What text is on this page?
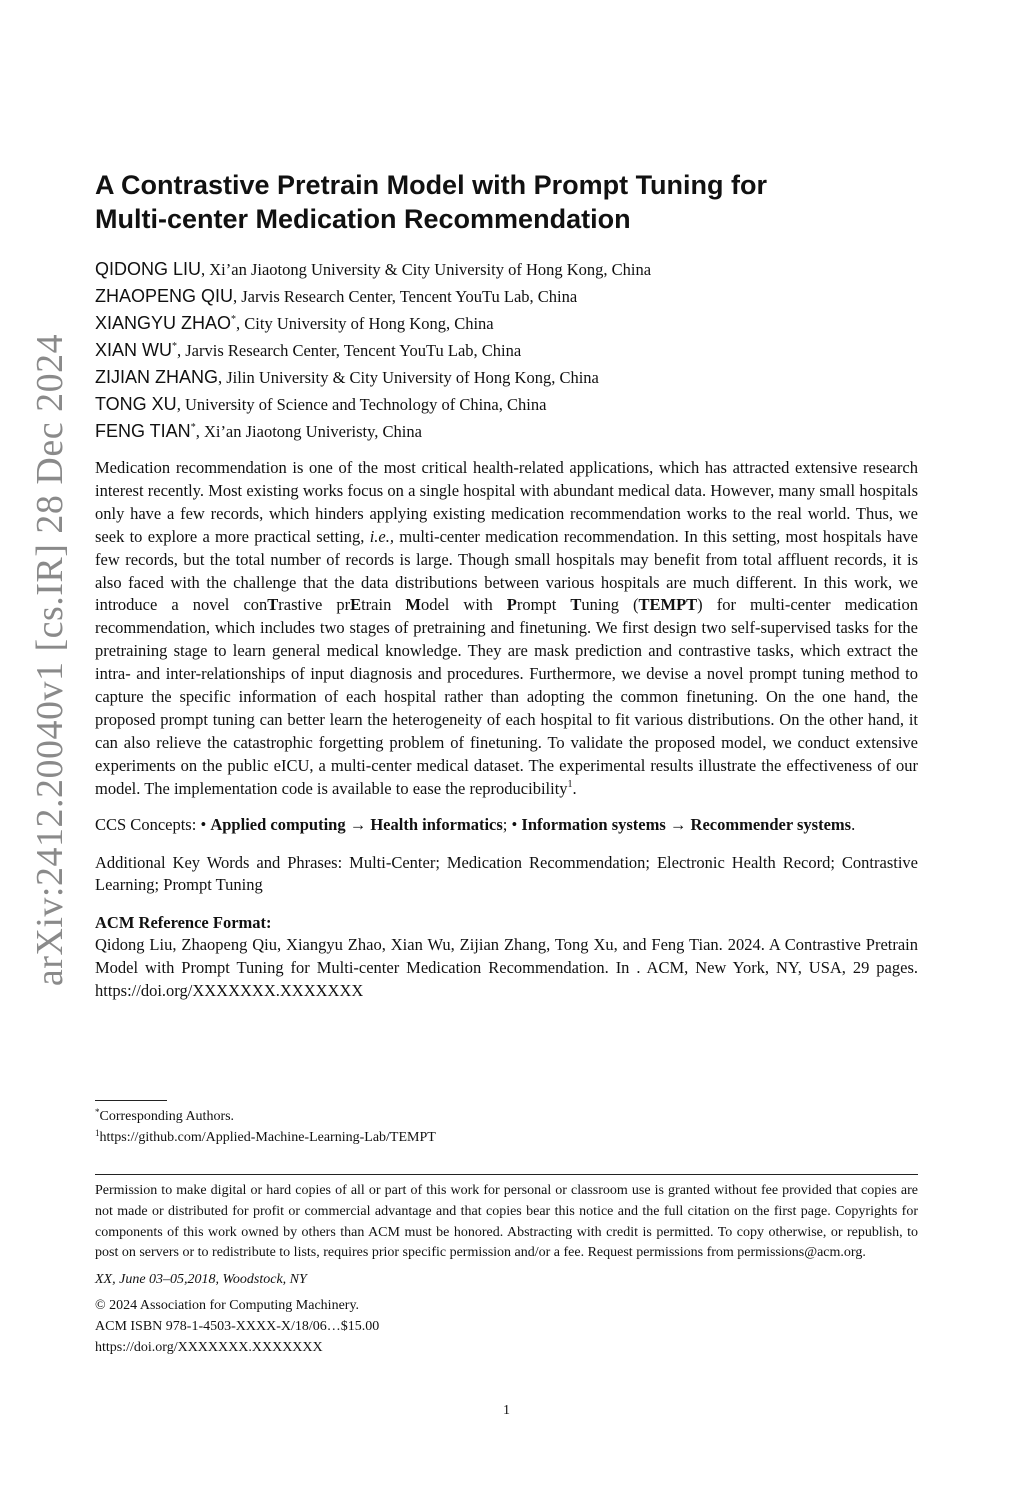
arXiv:2412.20040v1 [cs.IR] 28 Dec 2024
A Contrastive Pretrain Model with Prompt Tuning for
Multi-center Medication Recommendation
QIDONG LIU, Xi’an Jiaotong University & City University of Hong Kong, China
ZHAOPENG QIU, Jarvis Research Center, Tencent YouTu Lab, China
XIANGYU ZHAO*, City University of Hong Kong, China
XIAN WU*, Jarvis Research Center, Tencent YouTu Lab, China
ZIJIAN ZHANG, Jilin University & City University of Hong Kong, China
TONG XU, University of Science and Technology of China, China
FENG TIAN*, Xi’an Jiaotong Univeristy, China

Medication recommendation is one of the most critical health-related applications, which has attracted extensive research interest recently. Most existing works focus on a single hospital with abundant medical data. However, many small hospitals only have a few records, which hinders applying existing medication recommendation works to the real world. Thus, we seek to explore a more practical setting, i.e., multi-center medication recommendation. In this setting, most hospitals have few records, but the total number of records is large. Though small hospitals may benefit from total affluent records, it is also faced with the challenge that the data distributions between various hospitals are much different. In this work, we introduce a novel conTrastive prEtrain Model with Prompt Tuning (TEMPT) for multi-center medication recommendation, which includes two stages of pretraining and finetuning. We first design two self-supervised tasks for the pretraining stage to learn general medical knowledge. They are mask prediction and contrastive tasks, which extract the intra- and inter-relationships of input diagnosis and procedures. Furthermore, we devise a novel prompt tuning method to capture the specific information of each hospital rather than adopting the common finetuning. On the one hand, the proposed prompt tuning can better learn the heterogeneity of each hospital to fit various distributions. On the other hand, it can also relieve the catastrophic forgetting problem of finetuning. To validate the proposed model, we conduct extensive experiments on the public eICU, a multi-center medical dataset. The experimental results illustrate the effectiveness of our model. The implementation code is available to ease the reproducibility$^1$.

CCS Concepts: • Applied computing → Health informatics; • Information systems → Recommender systems.
Additional Key Words and Phrases: Multi-Center; Medication Recommendation; Electronic Health Record; Contrastive Learning; Prompt Tuning
ACM Reference Format:
Qidong Liu, Zhaopeng Qiu, Xiangyu Zhao, Xian Wu, Zijian Zhang, Tong Xu, and Feng Tian. 2024. A Contrastive Pretrain Model with Prompt Tuning for Multi-center Medication Recommendation. In . ACM, New York, NY, USA, 29 pages. https://doi.org/XXXXXXX.XXXXXXX
*Corresponding Authors.
$^1$https://github.com/Applied-Machine-Learning-Lab/TEMPT

Permission to make digital or hard copies of all or part of this work for personal or classroom use is granted without fee provided that copies are not made or distributed for profit or commercial advantage and that copies bear this notice and the full citation on the first page. Copyrights for components of this work owned by others than ACM must be honored. Abstracting with credit is permitted. To copy otherwise, or republish, to post on servers or to redistribute to lists, requires prior specific permission and/or a fee. Request permissions from permissions@acm.org.

XX, June 03–05,2018, Woodstock, NY
© 2024 Association for Computing Machinery.
ACM ISBN 978-1-4503-XXXX-X/18/06…$15.00
https://doi.org/XXXXXXX.XXXXXXX
1
